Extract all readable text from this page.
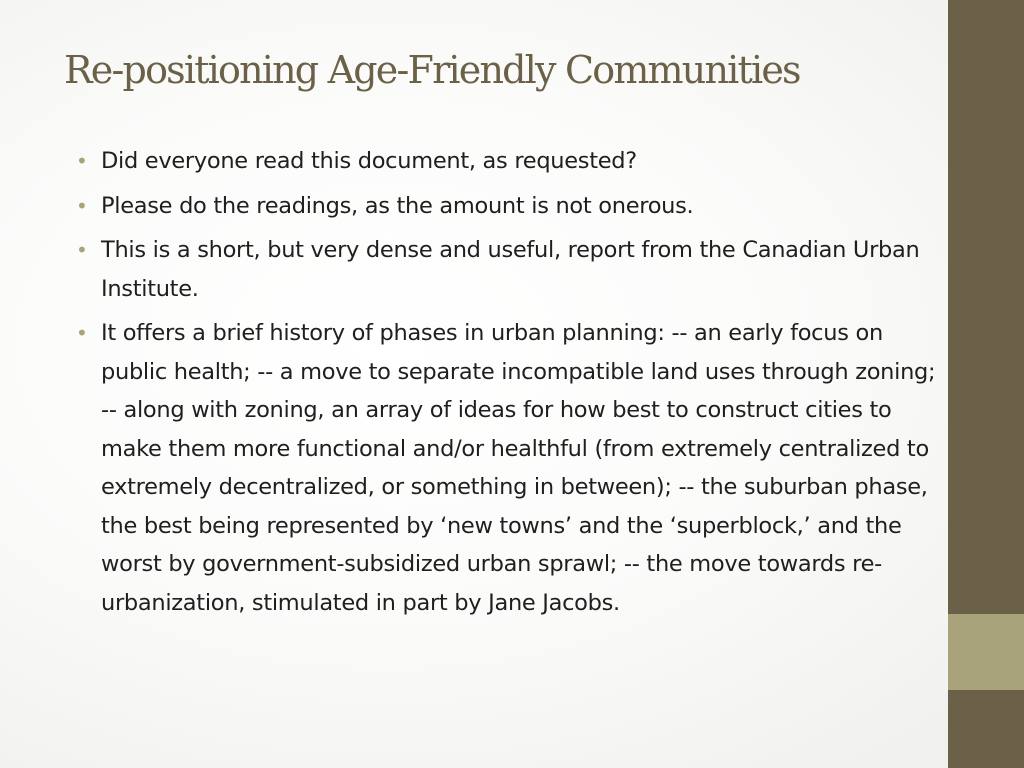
Re-positioning Age-Friendly Communities
• Did everyone read this document, as requested?
• Please do the readings, as the amount is not onerous.
• This is a short, but very dense and useful, report from the Canadian Urban Institute.
• It offers a brief history of phases in urban planning: -- an early focus on public health; -- a move to separate incompatible land uses through zoning; -- along with zoning, an array of ideas for how best to construct cities to make them more functional and/or healthful (from extremely centralized to extremely decentralized, or something in between); -- the suburban phase, the best being represented by ‘new towns’ and the ‘superblock,’ and the worst by government-subsidized urban sprawl; -- the move towards re-urbanization, stimulated in part by Jane Jacobs.
